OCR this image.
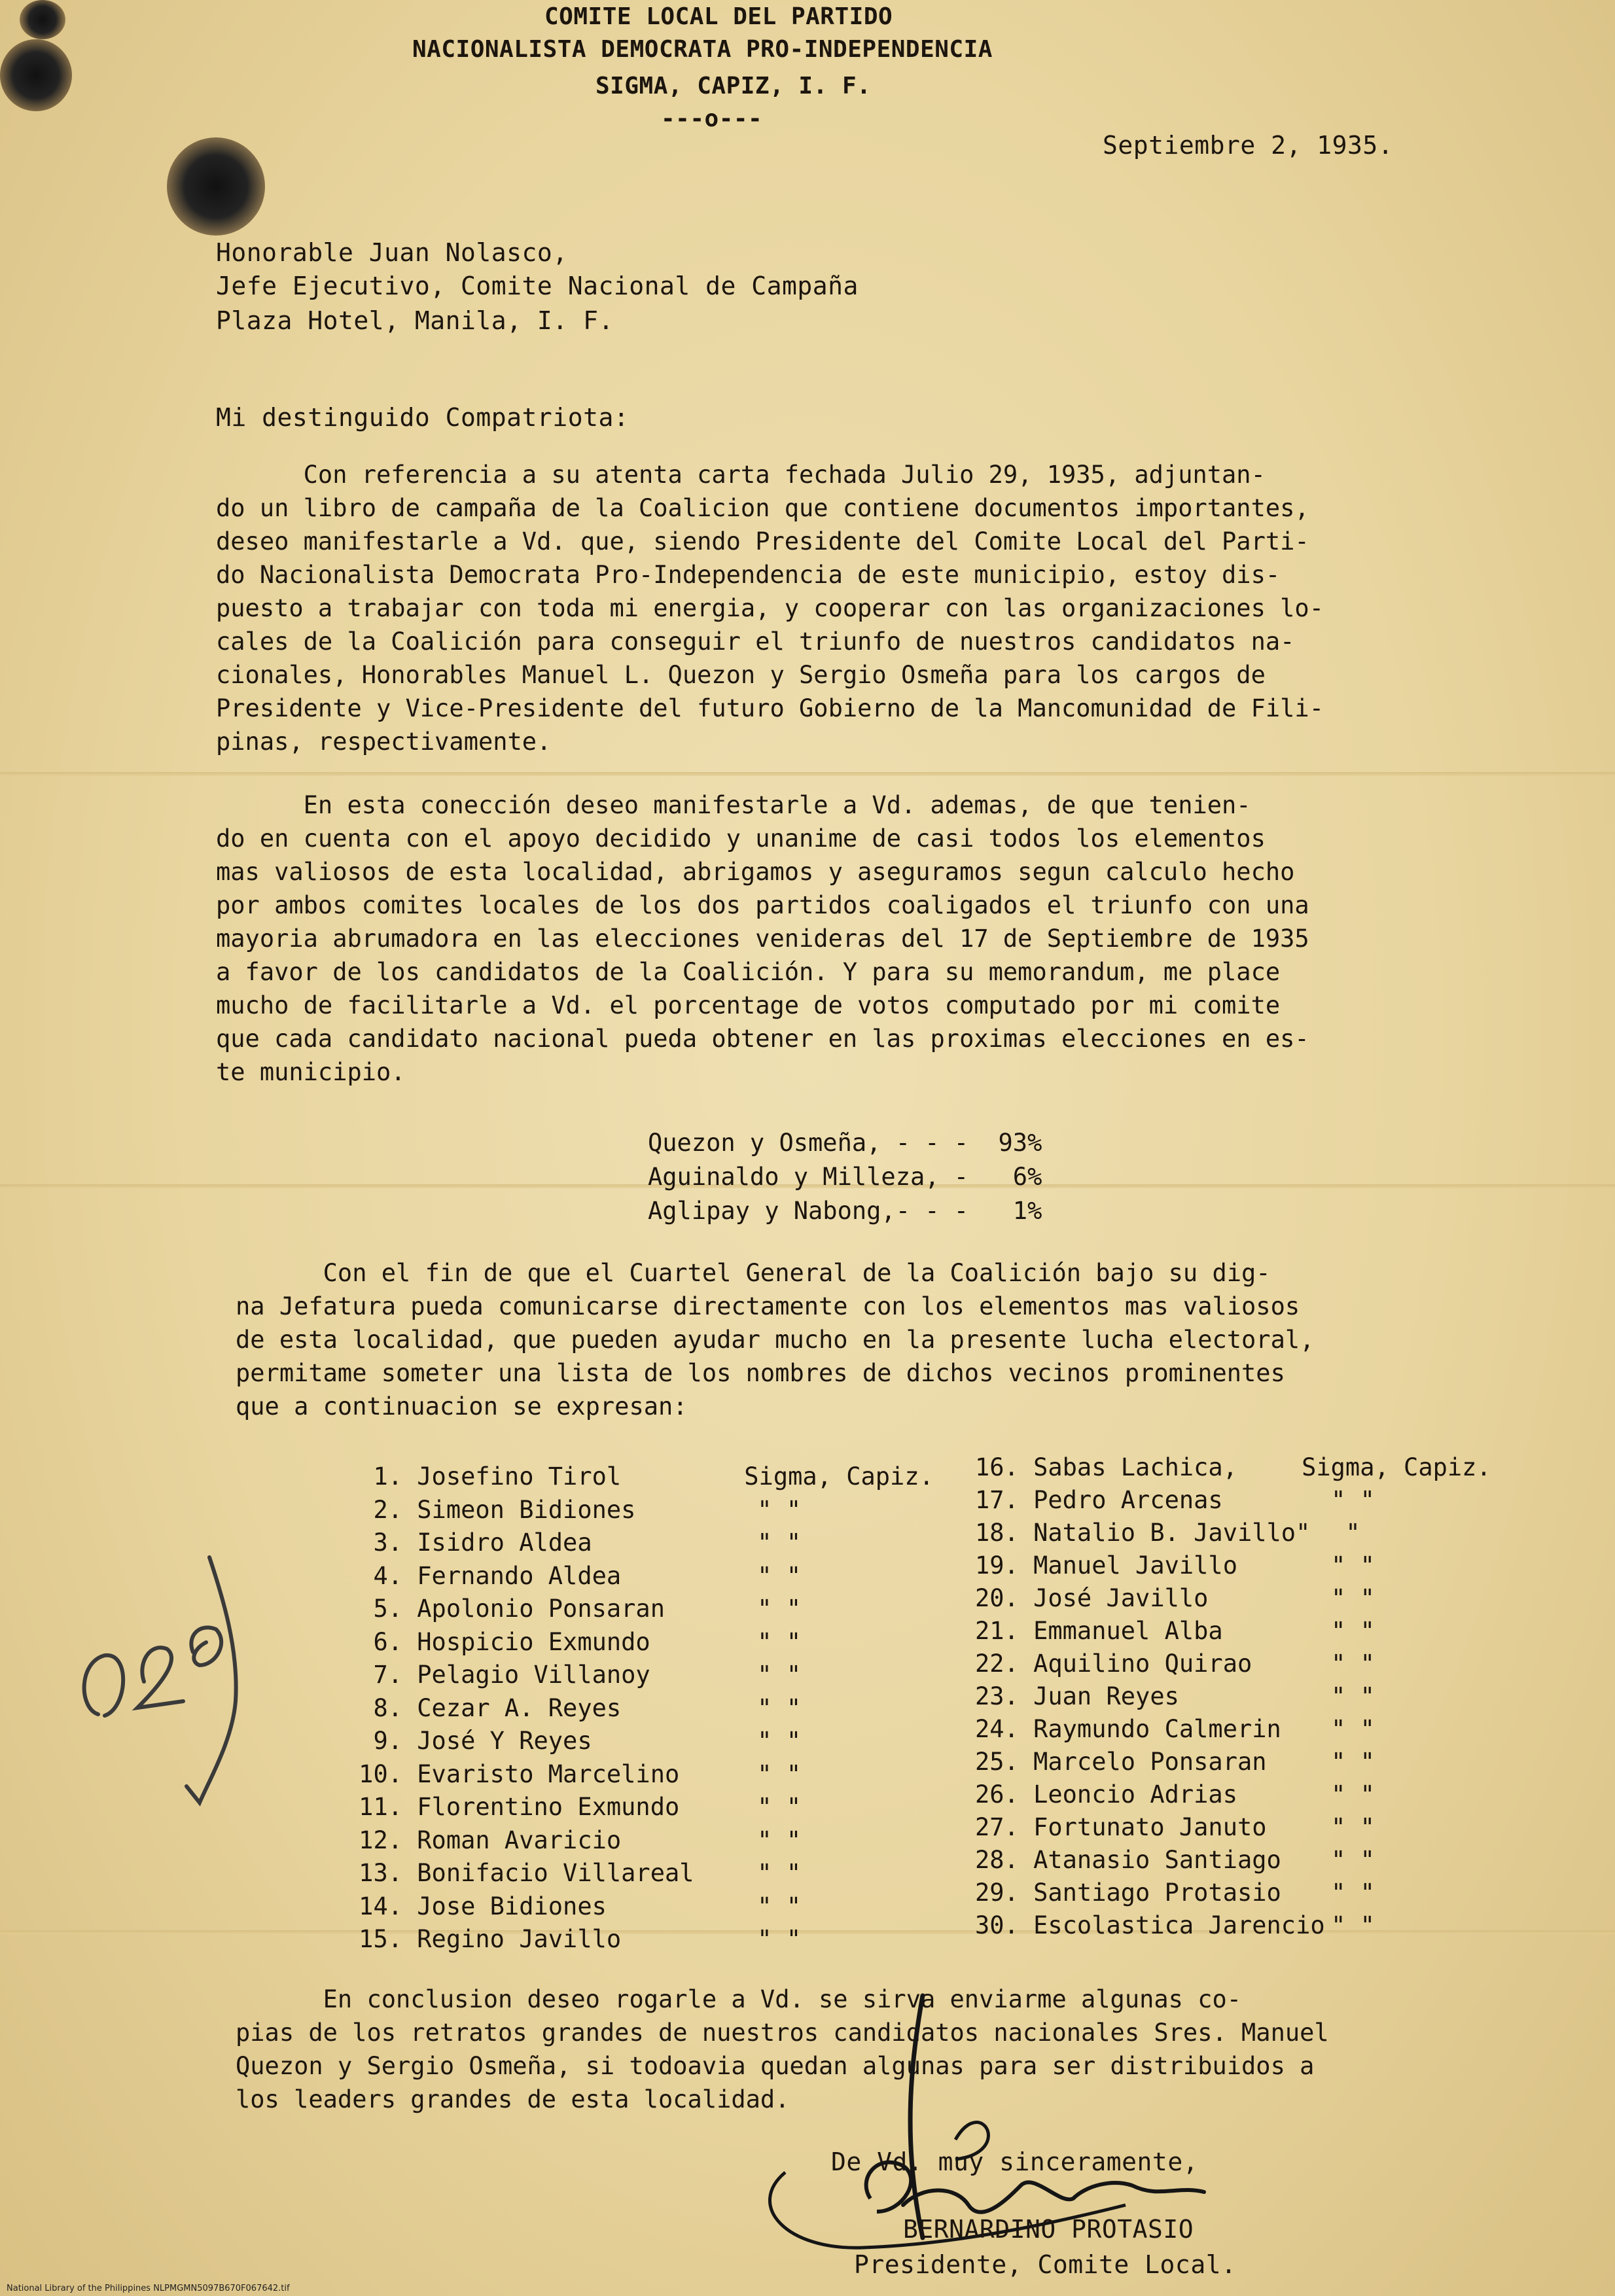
COMITE LOCAL DEL PARTIDO
NACIONALISTA DEMOCRATA PRO-INDEPENDENCIA
SIGMA, CAPIZ, I. F.
---o---
Septiembre 2, 1935.
Honorable Juan Nolasco,
Jefe Ejecutivo, Comite Nacional de Campaña
Plaza Hotel, Manila, I. F.
Mi destinguido Compatriota:
Con referencia a su atenta carta fechada Julio 29, 1935, adjuntan-
do un libro de campaña de la Coalicion que contiene documentos importantes,
deseo manifestarle a Vd. que, siendo Presidente del Comite Local del Parti-
do Nacionalista Democrata Pro-Independencia de este municipio, estoy dis-
puesto a trabajar con toda mi energia, y cooperar con las organizaciones lo-
cales de la Coalición para conseguir el triunfo de nuestros candidatos na-
cionales, Honorables Manuel L. Quezon y Sergio Osmeña para los cargos de
Presidente y Vice-Presidente del futuro Gobierno de la Mancomunidad de Fili-
pinas, respectivamente.
En esta conección deseo manifestarle a Vd. ademas, de que tenien-
do en cuenta con el apoyo decidido y unanime de casi todos los elementos
mas valiosos de esta localidad, abrigamos y aseguramos segun calculo hecho
por ambos comites locales de los dos partidos coaligados el triunfo con una
mayoria abrumadora en las elecciones venideras del 17 de Septiembre de 1935
a favor de los candidatos de la Coalición. Y para su memorandum, me place
mucho de facilitarle a Vd. el porcentage de votos computado por mi comite
que cada candidato nacional pueda obtener en las proximas elecciones en es-
te municipio.
Quezon y Osmeña, - - - 93%
Aguinaldo y Milleza, - 6%
Aglipay y Nabong,- - - 1%
Con el fin de que el Cuartel General de la Coalición bajo su dig-
na Jefatura pueda comunicarse directamente con los elementos mas valiosos
de esta localidad, que pueden ayudar mucho en la presente lucha electoral,
permitame someter una lista de los nombres de dichos vecinos prominentes
que a continuacion se expresan:
1. Josefino Tirol	Sigma, Capiz.
2. Simeon Bidiones	" "
3. Isidro Aldea	" "
4. Fernando Aldea	" "
5. Apolonio Ponsaran	" "
6. Hospicio Exmundo	" "
7. Pelagio Villanoy	" "
8. Cezar A. Reyes	" "
9. José Y Reyes	" "
10. Evaristo Marcelino	" "
11. Florentino Exmundo	" "
12. Roman Avaricio	" "
13. Bonifacio Villareal	" "
14. Jose Bidiones	" "
15. Regino Javillo	" "
16. Sabas Lachica,	Sigma, Capiz.
17. Pedro Arcenas	" "
18. Natalio B. Javillo" "
19. Manuel Javillo	" "
20. José Javillo	" "
21. Emmanuel Alba	" "
22. Aquilino Quirao	" "
23. Juan Reyes	" "
24. Raymundo Calmerin " "
25. Marcelo Ponsaran	" "
26. Leoncio Adrias	" "
27. Fortunato Januto	" "
28. Atanasio Santiago " "
29. Santiago Protasio " "
30. Escolastica Jarencio " "
En conclusion deseo rogarle a Vd. se sirva enviarme algunas co-
pias de los retratos grandes de nuestros candidatos nacionales Sres. Manuel
Quezon y Sergio Osmeña, si todoavia quedan algunas para ser distribuidos a
los leaders grandes de esta localidad.
De Vd. muy sinceramente,
BERNARDINO PROTASIO
Presidente, Comite Local.
National Library of the Philippines NLPMGMN5097B670F067642.tif
